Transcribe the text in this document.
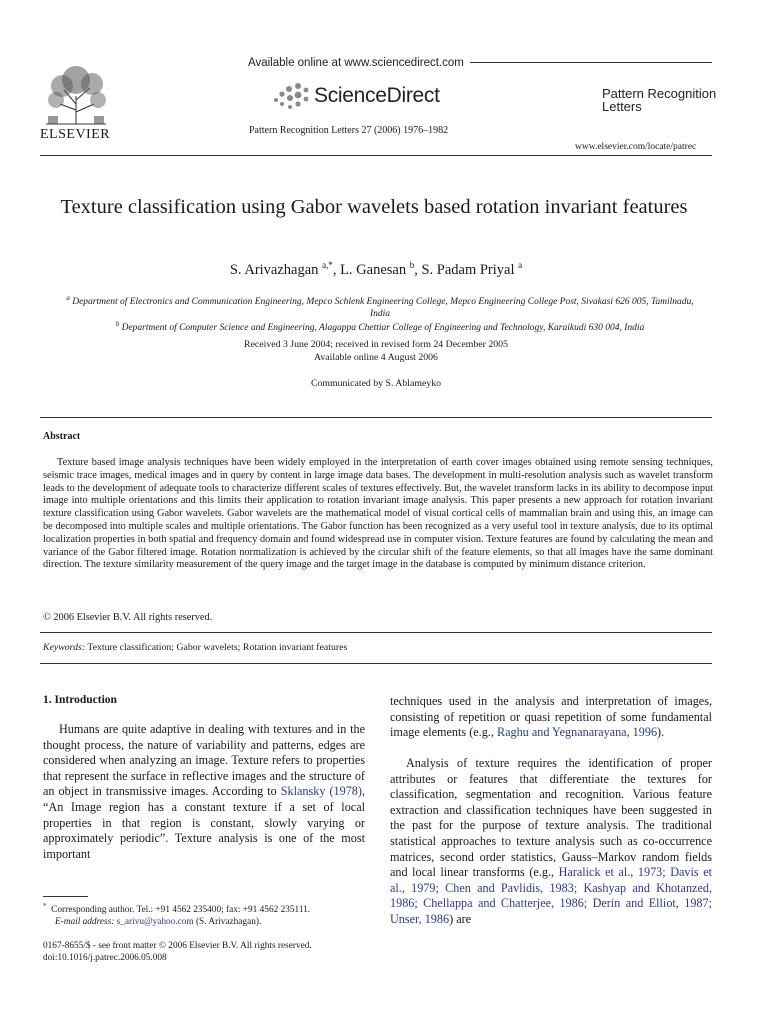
ELSEVIER
Available online at www.sciencedirect.com
ScienceDirect
Pattern Recognition Letters 27 (2006) 1976–1982
Pattern Recognition
Letters
www.elsevier.com/locate/patrec
Texture classification using Gabor wavelets based rotation invariant features
S. Arivazhagan $^{a,*}$, L. Ganesan $^b$, S. Padam Priyal $^a$
$^a$ Department of Electronics and Communication Engineering, Mepco Schlenk Engineering College, Mepco Engineering College Post, Sivakasi 626 005, Tamilnadu, India
$^b$ Department of Computer Science and Engineering, Alagappa Chettiar College of Engineering and Technology, Karaikudi 630 004, India
Received 3 June 2004; received in revised form 24 December 2005
Available online 4 August 2006
Communicated by S. Ablameyko
Abstract

Texture based image analysis techniques have been widely employed in the interpretation of earth cover images obtained using remote sensing techniques, seismic trace images, medical images and in query by content in large image data bases. The development in multi-resolution analysis such as wavelet transform leads to the development of adequate tools to characterize different scales of textures effectively. But, the wavelet transform lacks in its ability to decompose input image into multiple orientations and this limits their application to rotation invariant image analysis. This paper presents a new approach for rotation invariant texture classification using Gabor wavelets. Gabor wavelets are the mathematical model of visual cortical cells of mammalian brain and using this, an image can be decomposed into multiple scales and multiple orientations. The Gabor function has been recognized as a very useful tool in texture analysis, due to its optimal localization properties in both spatial and frequency domain and found widespread use in computer vision. Texture features are found by calculating the mean and variance of the Gabor filtered image. Rotation normalization is achieved by the circular shift of the feature elements, so that all images have the same dominant direction. The texture similarity measurement of the query image and the target image in the database is computed by minimum distance criterion.

© 2006 Elsevier B.V. All rights reserved.
Keywords: Texture classification; Gabor wavelets; Rotation invariant features
1. Introduction

Humans are quite adaptive in dealing with textures and in the thought process, the nature of variability and patterns, edges are considered when analyzing an image. Texture refers to properties that represent the surface in reflective images and the structure of an object in transmissive images. According to Sklansky (1978), “An Image region has a constant texture if a set of local properties in that region is constant, slowly varying or approximately periodic”. Texture analysis is one of the most important

techniques used in the analysis and interpretation of images, consisting of repetition or quasi repetition of some fundamental image elements (e.g., Raghu and Yegnanarayana, 1996).

Analysis of texture requires the identification of proper attributes or features that differentiate the textures for classification, segmentation and recognition. Various feature extraction and classification techniques have been suggested in the past for the purpose of texture analysis. The traditional statistical approaches to texture analysis such as co-occurrence matrices, second order statistics, Gauss–Markov random fields and local linear transforms (e.g., Haralick et al., 1973; Davis et al., 1979; Chen and Pavlidis, 1983; Kashyap and Khotanzed, 1986; Chellappa and Chatterjee, 1986; Derin and Elliot, 1987; Unser, 1986) are

* Corresponding author. Tel.: +91 4562 235400; fax: +91 4562 235111.
E-mail address: s_arivu@yahoo.com (S. Arivazhagan).
0167-8655/$ - see front matter © 2006 Elsevier B.V. All rights reserved.
doi:10.1016/j.patrec.2006.05.008
